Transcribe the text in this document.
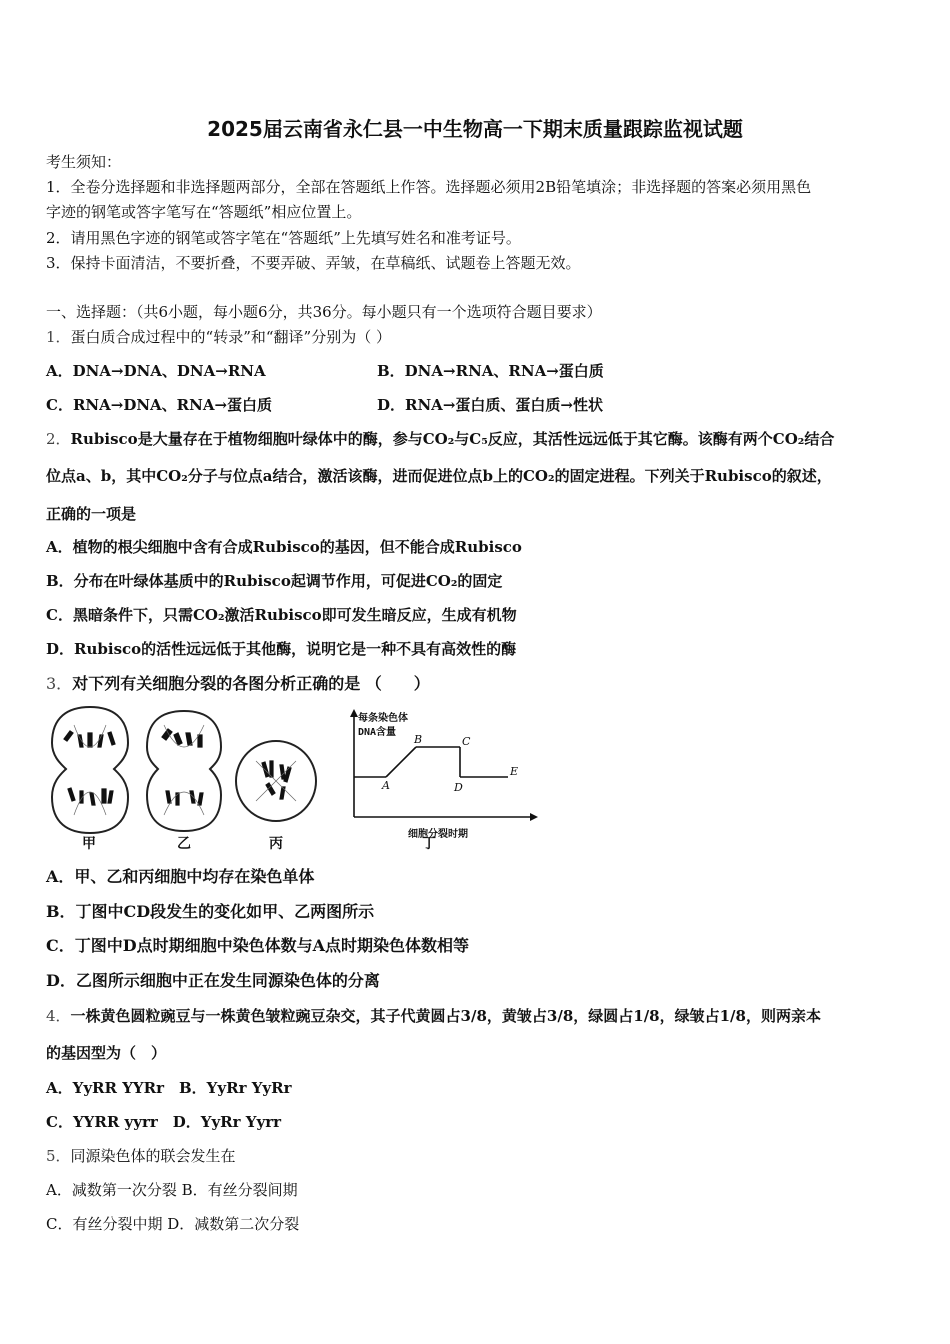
2025届云南省永仁县一中生物高一下期末质量跟踪监视试题
考生须知：
1．全卷分选择题和非选择题两部分，全部在答题纸上作答。选择题必须用2B铅笔填涂；非选择题的答案必须用黑色
字迹的钢笔或答字笔写在“答题纸”相应位置上。
2．请用黑色字迹的钢笔或答字笔在“答题纸”上先填写姓名和准考证号。
3．保持卡面清洁，不要折叠，不要弄破、弄皱，在草稿纸、试题卷上答题无效。
一、选择题：（共6小题，每小题6分，共36分。每小题只有一个选项符合题目要求）
1．蛋白质合成过程中的“转录”和“翻译”分别为（ ）
A．DNA→DNA、DNA→RNA	B．DNA→RNA、RNA→蛋白质
C．RNA→DNA、RNA→蛋白质	D．RNA→蛋白质、蛋白质→性状
2．Rubisco是大量存在于植物细胞叶绿体中的酶，参与CO₂与C₅反应，其活性远远低于其它酶。该酶有两个CO₂结合
位点a、b，其中CO₂分子与位点a结合，激活该酶，进而促进位点b上的CO₂的固定进程。下列关于Rubisco的叙述，
正确的一项是
A．植物的根尖细胞中含有合成Rubisco的基因，但不能合成Rubisco
B．分布在叶绿体基质中的Rubisco起调节作用，可促进CO₂的固定
C．黑暗条件下，只需CO₂激活Rubisco即可发生暗反应，生成有机物
D．Rubisco的活性远远低于其他酶，说明它是一种不具有高效性的酶
3．对下列有关细胞分裂的各图分析正确的是 （　　）
每条染色体
DNA含量
细胞分裂时期
A
B	C
D
E
甲	乙	丙	丁
A．甲、乙和丙细胞中均存在染色单体
B．丁图中CD段发生的变化如甲、乙两图所示
C．丁图中D点时期细胞中染色体数与A点时期染色体数相等
D．乙图所示细胞中正在发生同源染色体的分离
4．一株黄色圆粒豌豆与一株黄色皱粒豌豆杂交，其子代黄圆占3/8，黄皱占3/8，绿圆占1/8，绿皱占1/8，则两亲本
的基因型为（　）
A．YyRR YYRr　B．YyRr YyRr
C．YYRR yyrr　D．YyRr Yyrr
5．同源染色体的联会发生在
A．减数第一次分裂 B．有丝分裂间期
C．有丝分裂中期 D．减数第二次分裂
